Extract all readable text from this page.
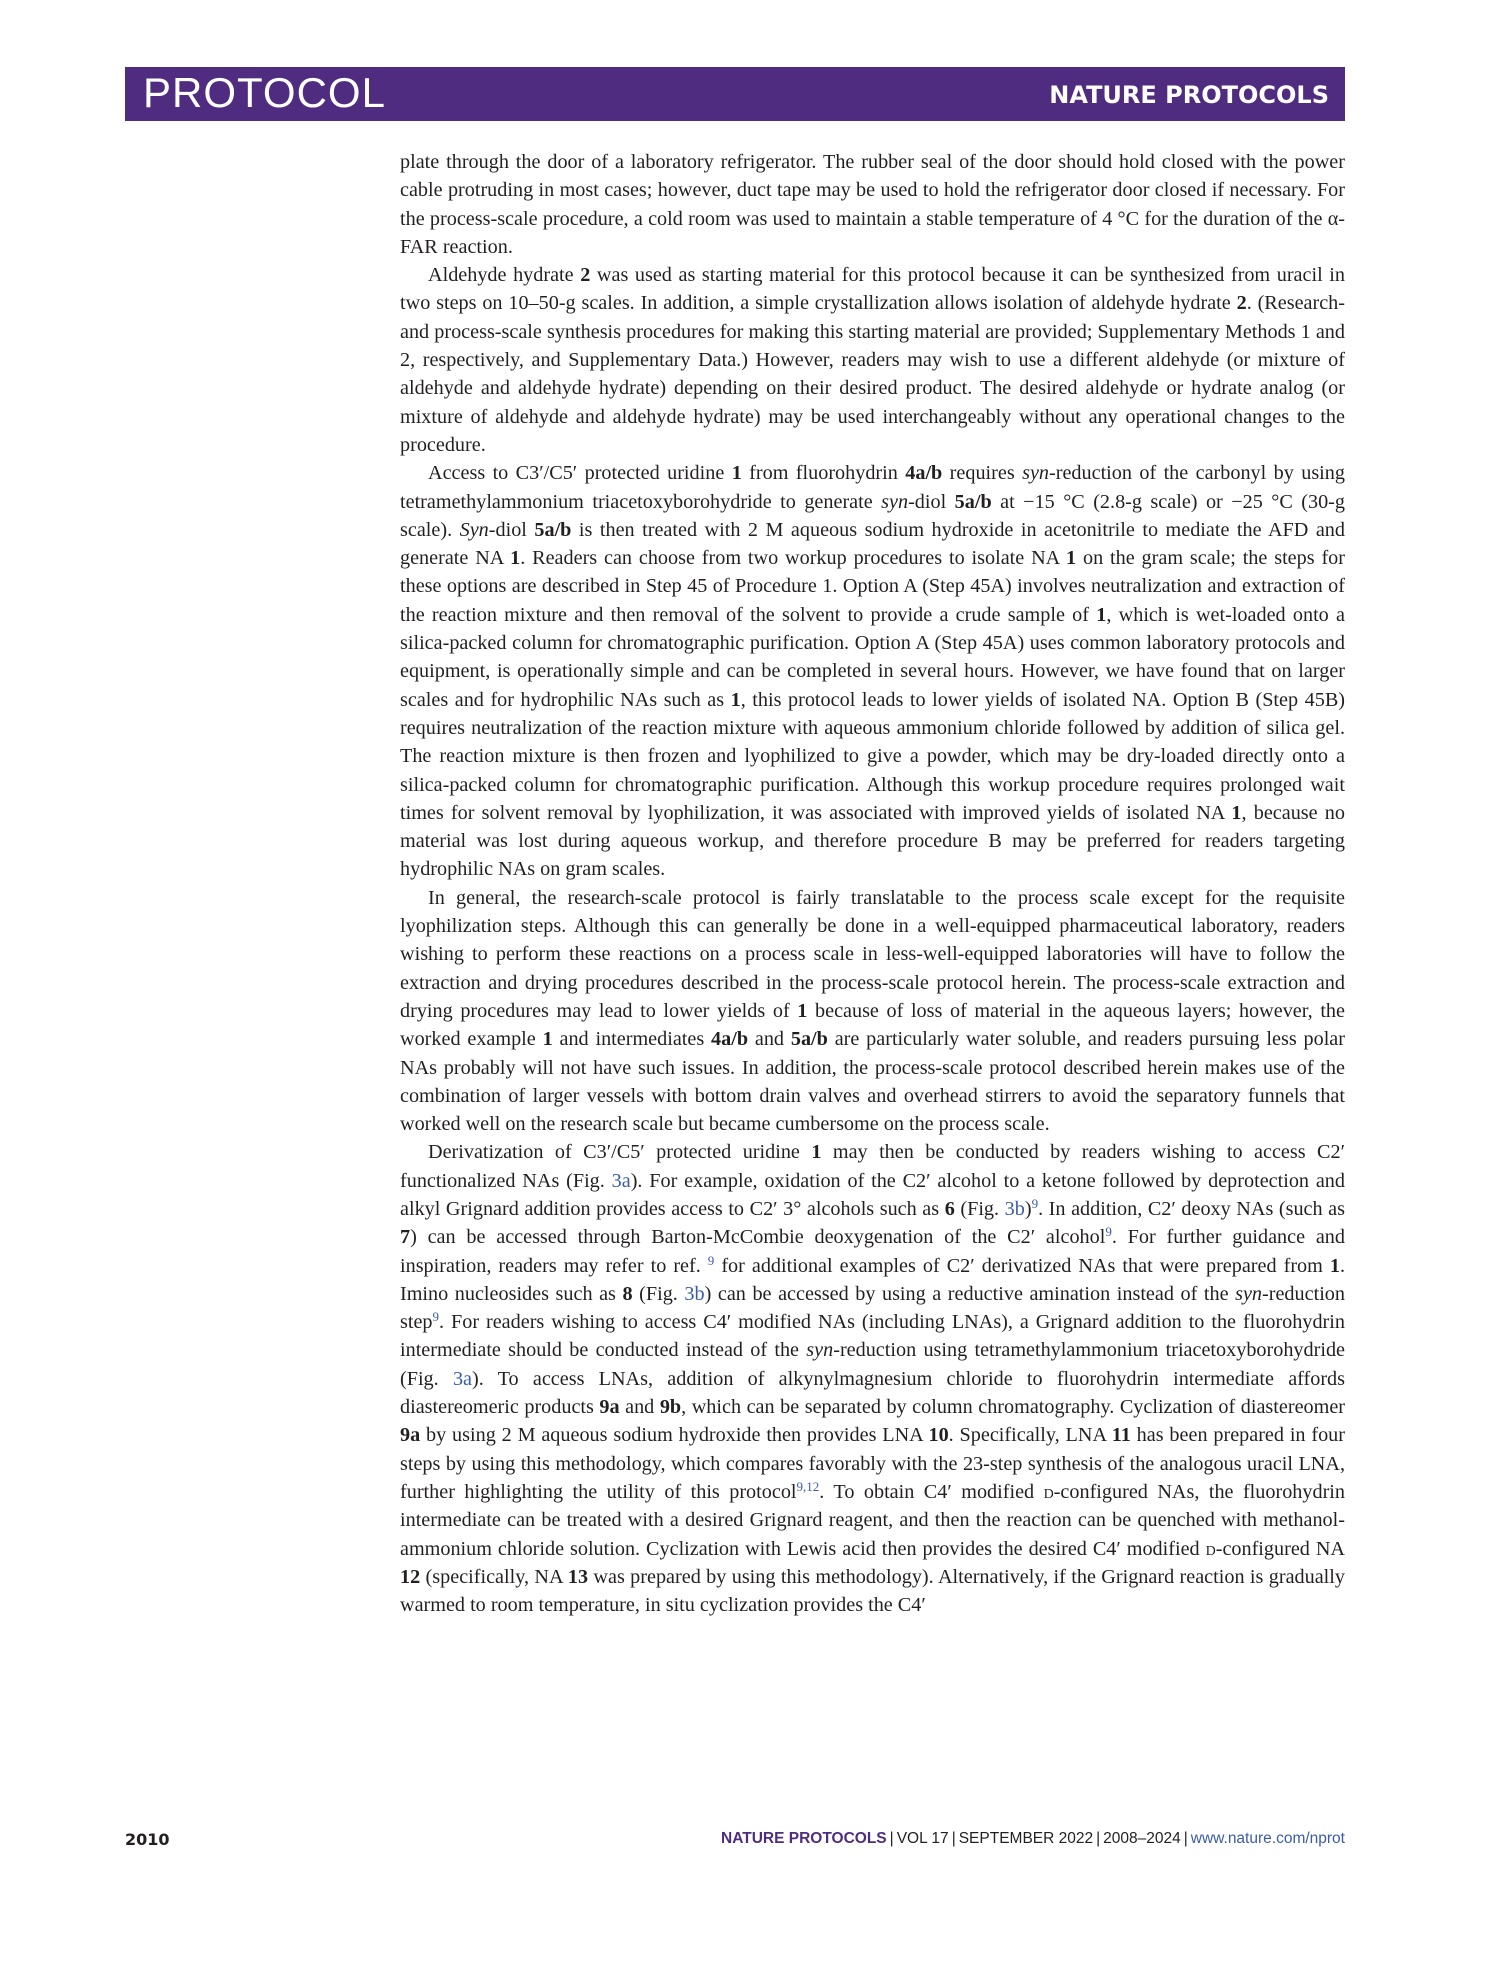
PROTOCOL	NATURE PROTOCOLS

plate through the door of a laboratory refrigerator. The rubber seal of the door should hold closed with the power cable protruding in most cases; however, duct tape may be used to hold the refrigerator door closed if necessary. For the process-scale procedure, a cold room was used to maintain a stable temperature of 4 °C for the duration of the α-FAR reaction.

Aldehyde hydrate 2 was used as starting material for this protocol because it can be synthesized from uracil in two steps on 10–50-g scales. In addition, a simple crystallization allows isolation of aldehyde hydrate 2. (Research- and process-scale synthesis procedures for making this starting material are provided; Supplementary Methods 1 and 2, respectively, and Supplementary Data.) However, readers may wish to use a different aldehyde (or mixture of aldehyde and aldehyde hydrate) depending on their desired product. The desired aldehyde or hydrate analog (or mixture of aldehyde and aldehyde hydrate) may be used interchangeably without any operational changes to the procedure.

Access to C3′/C5′ protected uridine 1 from fluorohydrin 4a/b requires syn-reduction of the carbonyl by using tetramethylammonium triacetoxyborohydride to generate syn-diol 5a/b at −15 °C (2.8-g scale) or −25 °C (30-g scale). Syn-diol 5a/b is then treated with 2 M aqueous sodium hydroxide in acetonitrile to mediate the AFD and generate NA 1. Readers can choose from two workup procedures to isolate NA 1 on the gram scale; the steps for these options are described in Step 45 of Procedure 1. Option A (Step 45A) involves neutralization and extraction of the reaction mixture and then removal of the solvent to provide a crude sample of 1, which is wet-loaded onto a silica-packed column for chromatographic purification. Option A (Step 45A) uses common laboratory protocols and equipment, is operationally simple and can be completed in several hours. However, we have found that on larger scales and for hydrophilic NAs such as 1, this protocol leads to lower yields of isolated NA. Option B (Step 45B) requires neutralization of the reaction mixture with aqueous ammonium chloride followed by addition of silica gel. The reaction mixture is then frozen and lyophilized to give a powder, which may be dry-loaded directly onto a silica-packed column for chromatographic purification. Although this workup procedure requires prolonged wait times for solvent removal by lyophilization, it was associated with improved yields of isolated NA 1, because no material was lost during aqueous workup, and therefore procedure B may be preferred for readers targeting hydrophilic NAs on gram scales.

In general, the research-scale protocol is fairly translatable to the process scale except for the requisite lyophilization steps. Although this can generally be done in a well-equipped pharmaceutical laboratory, readers wishing to perform these reactions on a process scale in less-well-equipped laboratories will have to follow the extraction and drying procedures described in the process-scale protocol herein. The process-scale extraction and drying procedures may lead to lower yields of 1 because of loss of material in the aqueous layers; however, the worked example 1 and intermediates 4a/b and 5a/b are particularly water soluble, and readers pursuing less polar NAs probably will not have such issues. In addition, the process-scale protocol described herein makes use of the combination of larger vessels with bottom drain valves and overhead stirrers to avoid the separatory funnels that worked well on the research scale but became cumbersome on the process scale.

Derivatization of C3′/C5′ protected uridine 1 may then be conducted by readers wishing to access C2′ functionalized NAs (Fig. 3a). For example, oxidation of the C2′ alcohol to a ketone followed by deprotection and alkyl Grignard addition provides access to C2′ 3° alcohols such as 6 (Fig. 3b)$^9$. In addition, C2′ deoxy NAs (such as 7) can be accessed through Barton-McCombie deoxygenation of the C2′ alcohol$^9$. For further guidance and inspiration, readers may refer to ref. $^9$ for additional examples of C2′ derivatized NAs that were prepared from 1. Imino nucleosides such as 8 (Fig. 3b) can be accessed by using a reductive amination instead of the syn-reduction step$^9$. For readers wishing to access C4′ modified NAs (including LNAs), a Grignard addition to the fluorohydrin intermediate should be conducted instead of the syn-reduction using tetramethylammonium triacetoxyborohydride (Fig. 3a). To access LNAs, addition of alkynylmagnesium chloride to fluorohydrin intermediate affords diastereomeric products 9a and 9b, which can be separated by column chromatography. Cyclization of diastereomer 9a by using 2 M aqueous sodium hydroxide then provides LNA 10. Specifically, LNA 11 has been prepared in four steps by using this methodology, which compares favorably with the 23-step synthesis of the analogous uracil LNA, further highlighting the utility of this protocol$^{9,12}$. To obtain C4′ modified d-configured NAs, the fluorohydrin intermediate can be treated with a desired Grignard reagent, and then the reaction can be quenched with methanol-ammonium chloride solution. Cyclization with Lewis acid then provides the desired C4′ modified d-configured NA 12 (specifically, NA 13 was prepared by using this methodology). Alternatively, if the Grignard reaction is gradually warmed to room temperature, in situ cyclization provides the C4′

2010	NATURE PROTOCOLS | VOL 17 | SEPTEMBER 2022 | 2008–2024 | www.nature.com/nprot
